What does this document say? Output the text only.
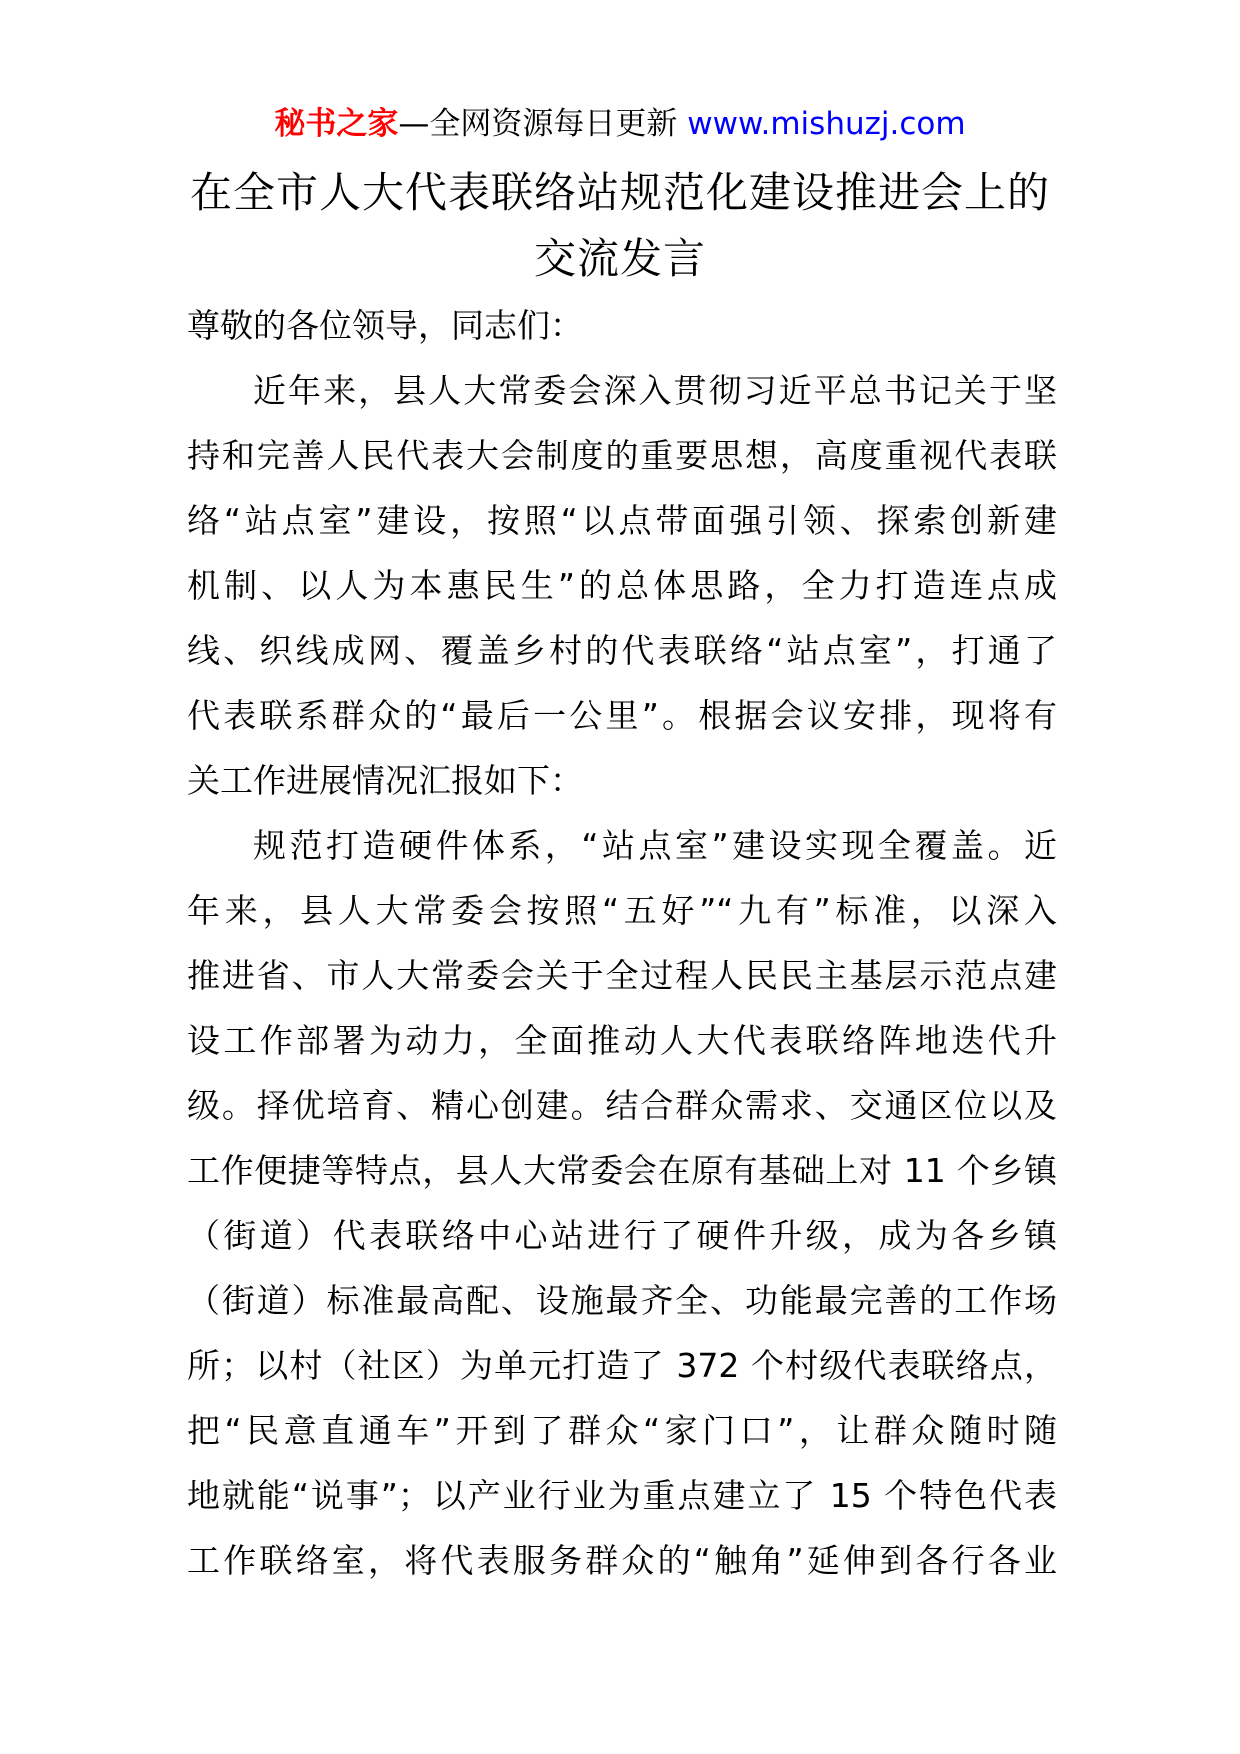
秘书之家—全网资源每日更新 www.mishuzj.com
在全市人大代表联络站规范化建设推进会上的
交流发言
尊敬的各位领导，同志们：
近年来，县人大常委会深入贯彻习近平总书记关于坚
持和完善人民代表大会制度的重要思想，高度重视代表联
络“站点室”建设，按照“以点带面强引领、探索创新建
机制、以人为本惠民生”的总体思路，全力打造连点成
线、织线成网、覆盖乡村的代表联络“站点室”，打通了
代表联系群众的“最后一公里”。根据会议安排，现将有
关工作进展情况汇报如下：
规范打造硬件体系，“站点室”建设实现全覆盖。近
年来，县人大常委会按照“五好”“九有”标准，以深入
推进省、市人大常委会关于全过程人民民主基层示范点建
设工作部署为动力，全面推动人大代表联络阵地迭代升
级。择优培育、精心创建。结合群众需求、交通区位以及
工作便捷等特点，县人大常委会在原有基础上对 11 个乡镇
（街道）代表联络中心站进行了硬件升级，成为各乡镇
（街道）标准最高配、设施最齐全、功能最完善的工作场
所；以村（社区）为单元打造了 372 个村级代表联络点，
把“民意直通车”开到了群众“家门口”，让群众随时随
地就能“说事”；以产业行业为重点建立了 15 个特色代表
工作联络室，将代表服务群众的“触角”延伸到各行各业
